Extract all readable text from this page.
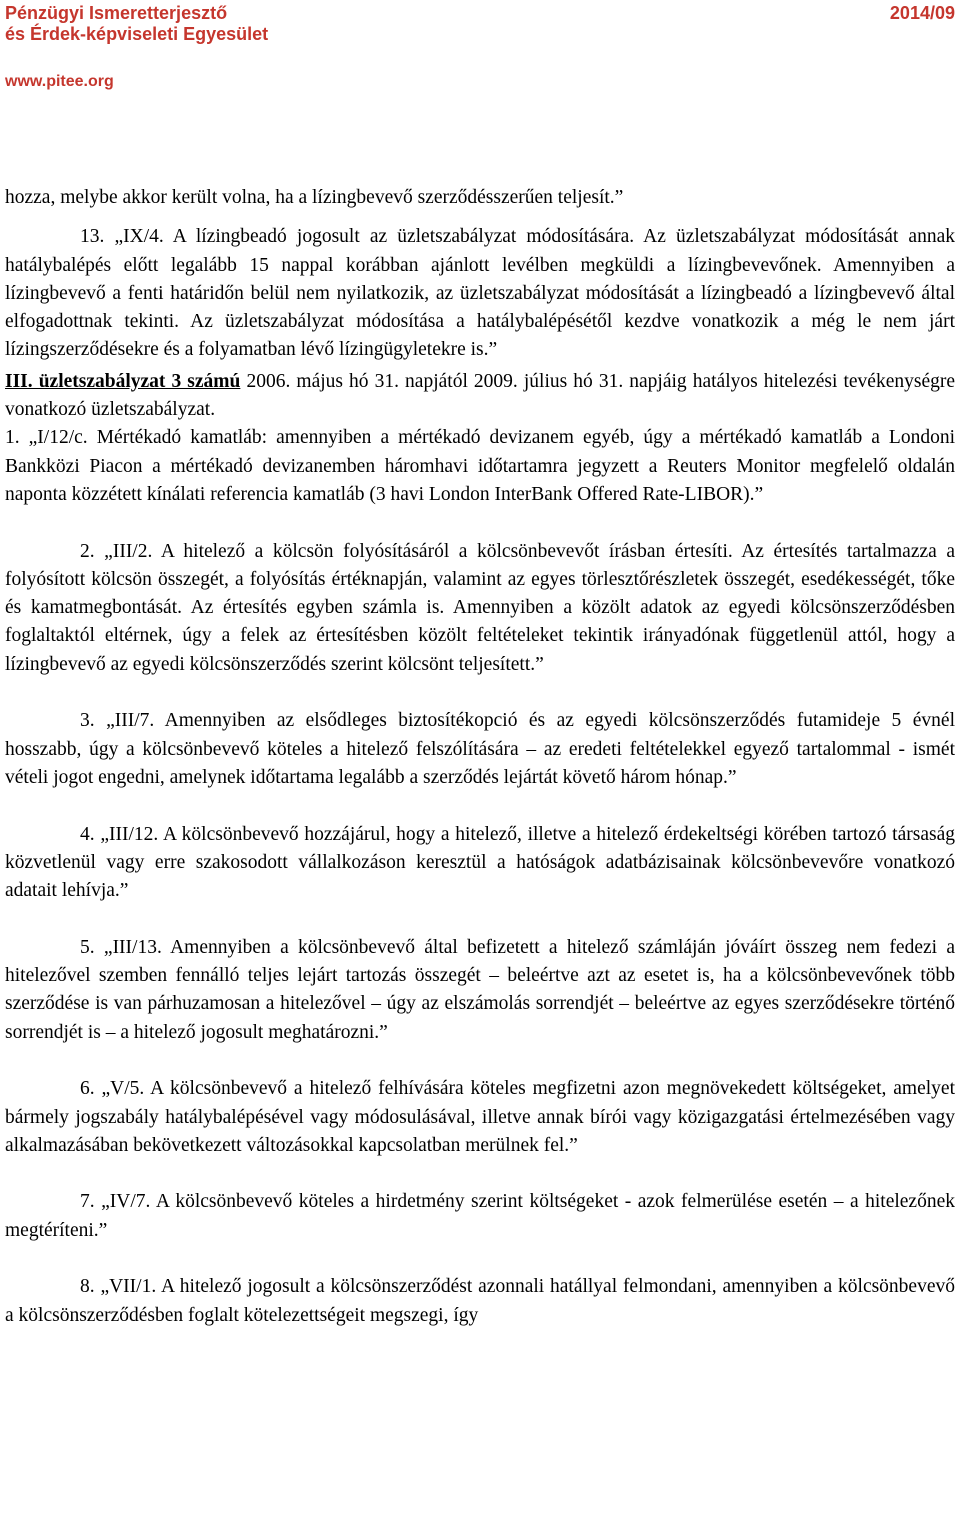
Pénzügyi Ismeretterjesztő
és Érdek-képviseleti Egyesület
2014/09
www.pitee.org

hozza, melybe akkor került volna, ha a lízingbevevő szerződésszerűen teljesít.”

13. „IX/4. A lízingbeadó jogosult az üzletszabályzat módosítására. Az üzletszabályzat módosítását annak hatálybalépés előtt legalább 15 nappal korábban ajánlott levélben megküldi a lízingbevevőnek. Amennyiben a lízingbevevő a fenti határidőn belül nem nyilatkozik, az üzletszabályzat módosítását a lízingbeadó a lízingbevevő által elfogadottnak tekinti. Az üzletszabályzat módosítása a hatálybalépésétől kezdve vonatkozik a még le nem járt lízingszerződésekre és a folyamatban lévő lízingügyletekre is.”

III. üzletszabályzat 3 számú 2006. május hó 31. napjától 2009. július hó 31. napjáig hatályos hitelezési tevékenységre vonatkozó üzletszabályzat.

1. „I/12/c. Mértékadó kamatláb: amennyiben a mértékadó devizanem egyéb, úgy a mértékadó kamatláb a Londoni Bankközi Piacon a mértékadó devizanemben háromhavi időtartamra jegyzett a Reuters Monitor megfelelő oldalán naponta közzétett kínálati referencia kamatláb (3 havi London InterBank Offered Rate-LIBOR).”

2. „III/2. A hitelező a kölcsön folyósításáról a kölcsönbevevőt írásban értesíti. Az értesítés tartalmazza a folyósított kölcsön összegét, a folyósítás értéknapján, valamint az egyes törlesztőrészletek összegét, esedékességét, tőke és kamatmegbontását. Az értesítés egyben számla is. Amennyiben a közölt adatok az egyedi kölcsönszerződésben foglaltaktól eltérnek, úgy a felek az értesítésben közölt feltételeket tekintik irányadónak függetlenül attól, hogy a lízingbevevő az egyedi kölcsönszerződés szerint kölcsönt teljesített.”

3. „III/7. Amennyiben az elsődleges biztosítékopció és az egyedi kölcsönszerződés futamideje 5 évnél hosszabb, úgy a kölcsönbevevő köteles a hitelező felszólítására – az eredeti feltételekkel egyező tartalommal - ismét vételi jogot engedni, amelynek időtartama legalább a szerződés lejártát követő három hónap.”

4. „III/12. A kölcsönbevevő hozzájárul, hogy a hitelező, illetve a hitelező érdekeltségi körében tartozó társaság közvetlenül vagy erre szakosodott vállalkozáson keresztül a hatóságok adatbázisainak kölcsönbevevőre vonatkozó adatait lehívja.”

5. „III/13. Amennyiben a kölcsönbevevő által befizetett a hitelező számláján jóváírt összeg nem fedezi a hitelezővel szemben fennálló teljes lejárt tartozás összegét – beleértve azt az esetet is, ha a kölcsönbevevőnek több szerződése is van párhuzamosan a hitelezővel – úgy az elszámolás sorrendjét – beleértve az egyes szerződésekre történő sorrendjét is – a hitelező jogosult meghatározni.”

6. „V/5. A kölcsönbevevő a hitelező felhívására köteles megfizetni azon megnövekedett költségeket, amelyet bármely jogszabály hatálybalépésével vagy módosulásával, illetve annak bírói vagy közigazgatási értelmezésében vagy alkalmazásában bekövetkezett változásokkal kapcsolatban merülnek fel.”

7. „IV/7. A kölcsönbevevő köteles a hirdetmény szerint költségeket - azok felmerülése esetén – a hitelezőnek megtéríteni.”

8. „VII/1. A hitelező jogosult a kölcsönszerződést azonnali hatállyal felmondani, amennyiben a kölcsönbevevő a kölcsönszerződésben foglalt kötelezettségeit megszegi, így
